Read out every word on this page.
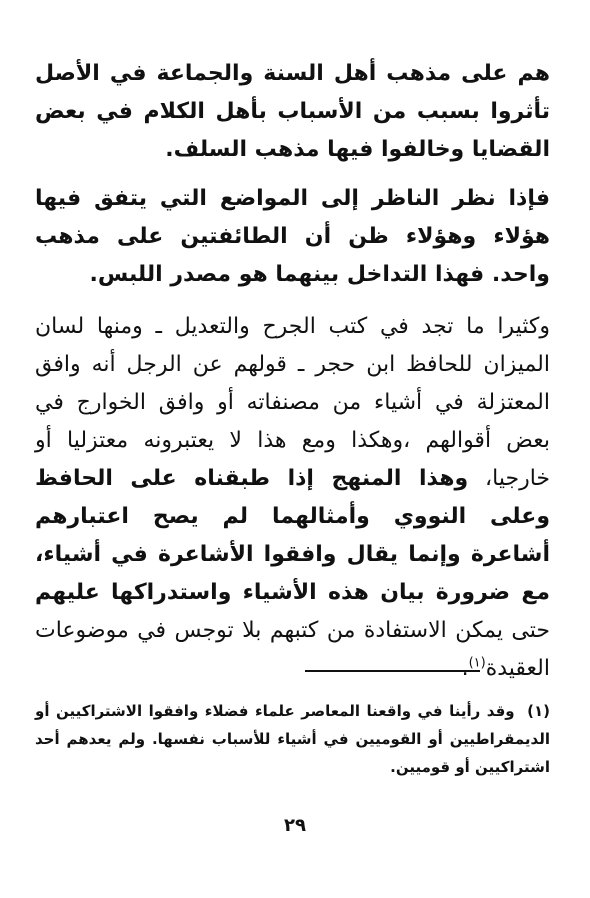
هم على مذهب أهل السنة والجماعة في الأصل تأثروا بسبب من الأسباب بأهل الكلام في بعض القضايا وخالفوا فيها مذهب السلف.

فإذا نظر الناظر إلى المواضع التي يتفق فيها هؤلاء وهؤلاء ظن أن الطائفتين على مذهب واحد. فهذا التداخل بينهما هو مصدر اللبس.

وكثيرا ما تجد في كتب الجرح والتعديل ـ ومنها لسان الميزان للحافظ ابن حجر ـ قولهم عن الرجل أنه وافق المعتزلة في أشياء من مصنفاته أو وافق الخوارج في بعض أقوالهم ،وهكذا ومع هذا لا يعتبرونه معتزليا أو خارجيا، وهذا المنهج إذا طبقناه على الحافظ وعلى النووي وأمثالهما لم يصح اعتبارهم أشاعرة وإنما يقال وافقوا الأشاعرة في أشياء، مع ضرورة بيان هذه الأشياء واستدراكها عليهم حتى يمكن الاستفادة من كتبهم بلا توجس في موضوعات العقيدة$^{(١)}$.

(١) وقد رأينا في واقعنا المعاصر علماء فضلاء وافقوا الاشتراكيين أو الديمقراطيين أو القوميين في أشياء للأسباب نفسها. ولم يعدهم أحد اشتراكيين أو قوميين.

٢٩
